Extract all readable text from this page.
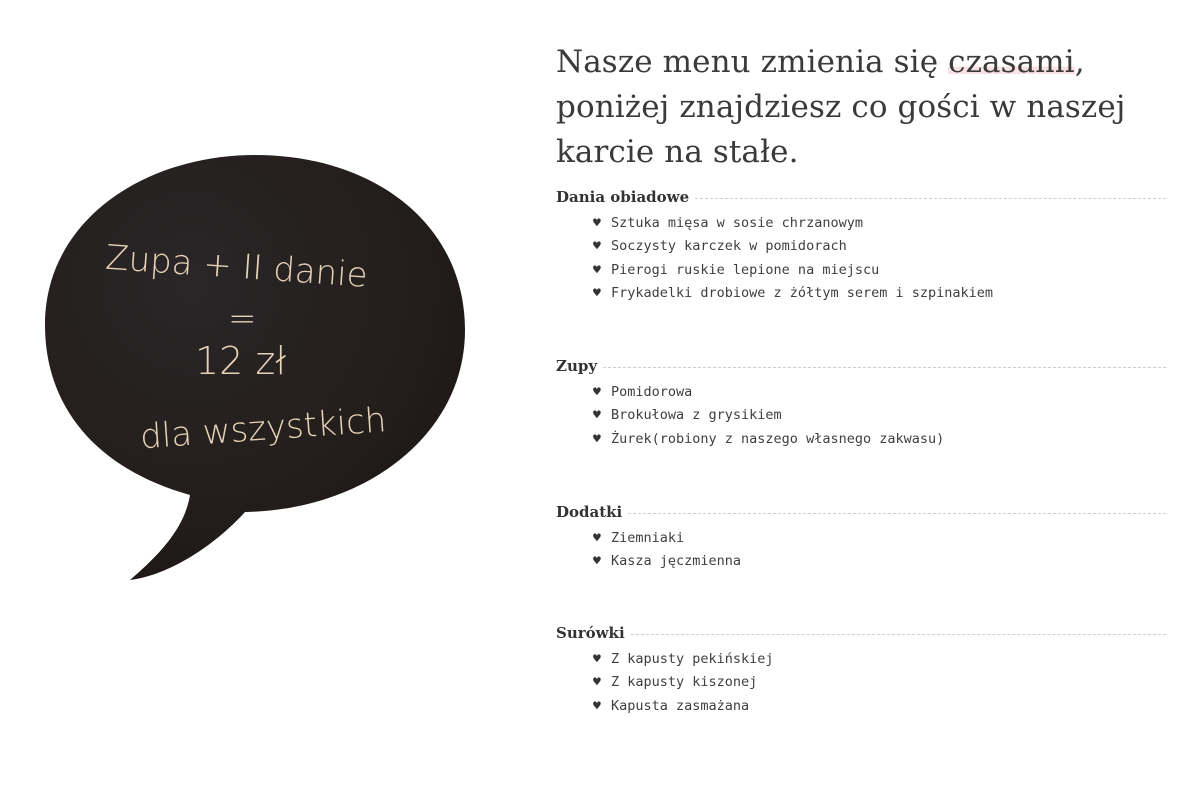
Zupa + II danie
=
12 zł
dla wszystkich
Nasze menu zmienia się czasami,
poniżej znajdziesz co gości w naszej
karcie na stałe.
Dania obiadowe
♥ Sztuka mięsa w sosie chrzanowym
♥ Soczysty karczek w pomidorach
♥ Pierogi ruskie lepione na miejscu
♥ Frykadelki drobiowe z żółtym serem i szpinakiem
Zupy
♥ Pomidorowa
♥ Brokułowa z grysikiem
♥ Żurek(robiony z naszego własnego zakwasu)
Dodatki
♥ Ziemniaki
♥ Kasza jęczmienna
Surówki
♥ Z kapusty pekińskiej
♥ Z kapusty kiszonej
♥ Kapusta zasmażana
